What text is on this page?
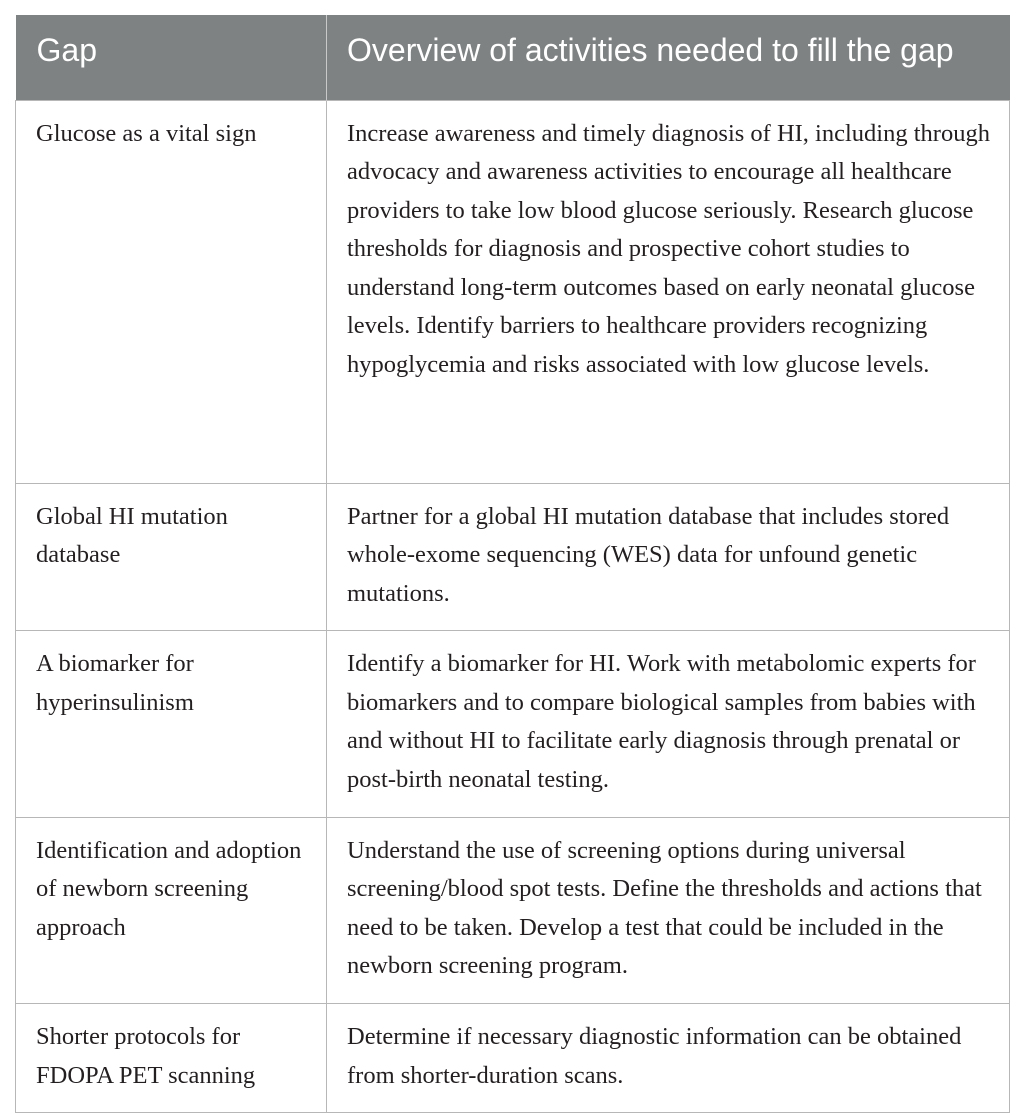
Gap	Overview of activities needed to fill the gap
Glucose as a vital sign	Increase awareness and timely diagnosis of HI, including through advocacy and awareness activities to encourage all healthcare providers to take low blood glucose seriously. Research glucose thresholds for diagnosis and prospective cohort studies to understand long-term outcomes based on early neonatal glucose levels. Identify barriers to healthcare providers recognizing hypoglycemia and risks associated with low glucose levels.
Global HI mutation database	Partner for a global HI mutation database that includes stored whole-exome sequencing (WES) data for unfound genetic mutations.
A biomarker for hyperinsulinism	Identify a biomarker for HI. Work with metabolomic experts for biomarkers and to compare biological samples from babies with and without HI to facilitate early diagnosis through prenatal or post-birth neonatal testing.
Identification and adoption of newborn screening approach	Understand the use of screening options during universal screening/blood spot tests. Define the thresholds and actions that need to be taken. Develop a test that could be included in the newborn screening program.
Shorter protocols for FDOPA PET scanning	Determine if necessary diagnostic information can be obtained from shorter-duration scans.
